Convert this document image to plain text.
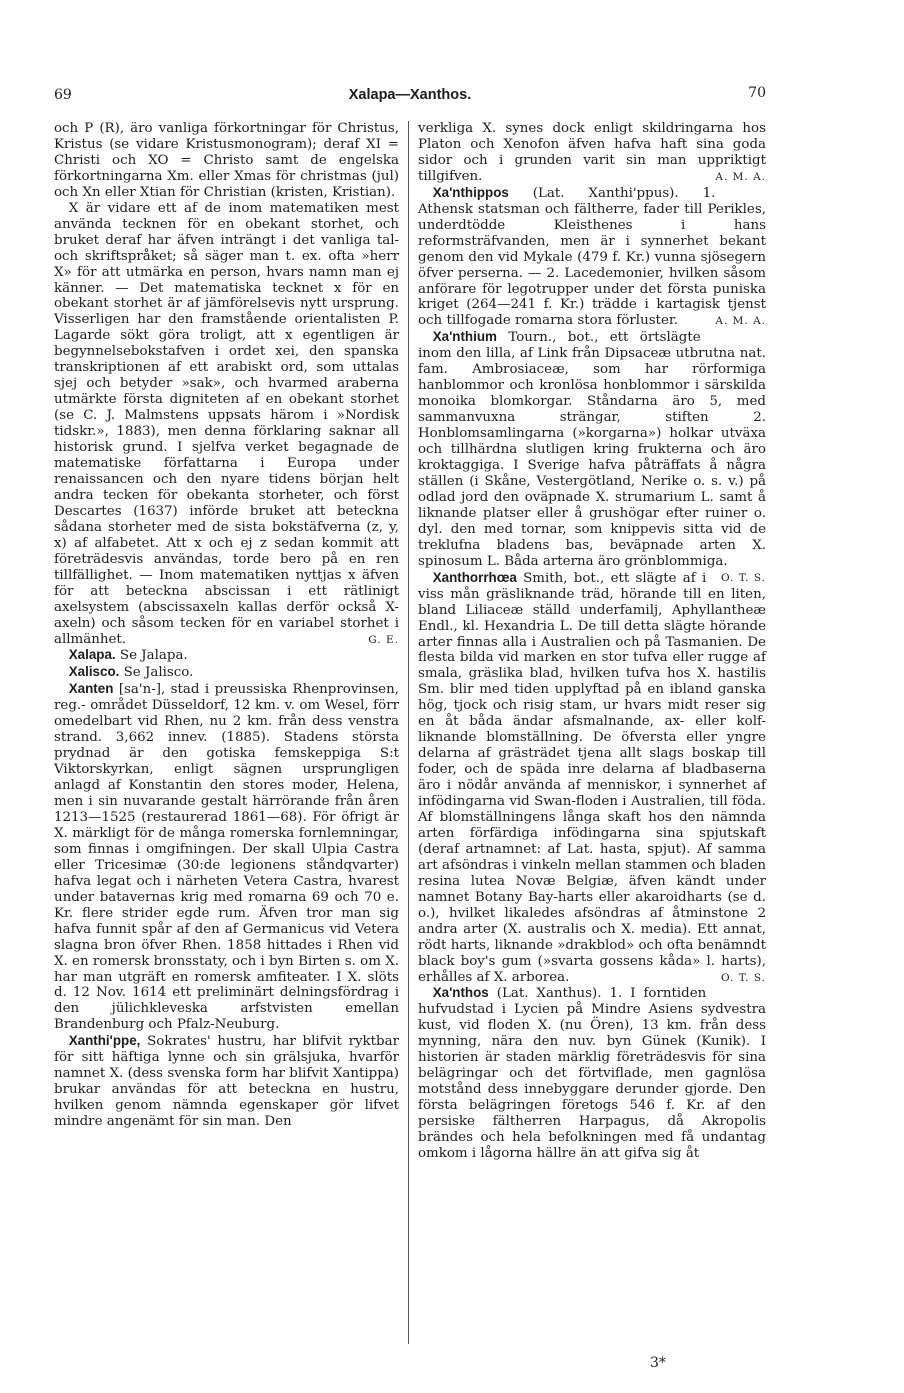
69	Xalapa—Xanthos.	70

och P (R), äro vanliga förkortningar för Christus, Kristus (se vidare Kristusmonogram); deraf XI = Christi och XO = Christo samt de engelska förkortningarna Xm. eller Xmas för christmas (jul) och Xn eller Xtian för Christian (kristen, Kristian).

X är vidare ett af de inom matematiken mest använda tecknen för en obekant storhet, och bruket deraf har äfven inträngt i det vanliga tal- och skriftspråket; så säger man t. ex. ofta »herr X» för att utmärka en person, hvars namn man ej känner. — Det matematiska tecknet x för en obekant storhet är af jämförelsevis nytt ursprung. Visserligen har den framstående orientalisten P. Lagarde sökt göra troligt, att x egentligen är begynnelsebokstafven i ordet xei, den spanska transkriptionen af ett arabiskt ord, som uttalas sjej och betyder »sak», och hvarmed araberna utmärkte första digniteten af en obekant storhet (se C. J. Malmstens uppsats härom i »Nordisk tidskr.», 1883), men denna förklaring saknar all historisk grund. I sjelfva verket begagnade de matematiske författarna i Europa under renaissancen och den nyare tidens början helt andra tecken för obekanta storheter, och först Descartes (1637) införde bruket att beteckna sådana storheter med de sista bokstäfverna (z, y, x) af alfabetet. Att x och ej z sedan kommit att företrädesvis användas, torde bero på en ren tillfällighet. — Inom matematiken nyttjas x äfven för att beteckna abscissan i ett rätlinigt axelsystem (abscissaxeln kallas derför också X-axeln) och såsom tecken för en variabel storhet i allmänhet.	G. E.

Xalapa. Se Jalapa.

Xalisco. Se Jalisco.

Xanten [sa'n-], stad i preussiska Rhenprovinsen, reg.- området Düsseldorf, 12 km. v. om Wesel, förr omedelbart vid Rhen, nu 2 km. från dess venstra strand. 3,662 innev. (1885). Stadens största prydnad är den gotiska femskeppiga S:t Viktorskyrkan, enligt sägnen ursprungligen anlagd af Konstantin den stores moder, Helena, men i sin nuvarande gestalt härrörande från åren 1213—1525 (restaurerad 1861—68). För öfrigt är X. märkligt för de många romerska fornlemningar, som finnas i omgifningen. Der skall Ulpia Castra eller Tricesimæ (30:de legionens ståndqvarter) hafva legat och i närheten Vetera Castra, hvarest under batavernas krig med romarna 69 och 70 e. Kr. flere strider egde rum. Äfven tror man sig hafva funnit spår af den af Germanicus vid Vetera slagna bron öfver Rhen. 1858 hittades i Rhen vid X. en romersk bronsstaty, och i byn Birten s. om X. har man utgräft en romersk amfiteater. I X. slöts d. 12 Nov. 1614 ett preliminärt delningsfördrag i den jülichkleveska arfstvisten emellan Brandenburg och Pfalz-Neuburg.

Xanthi'ppe, Sokrates' hustru, har blifvit ryktbar för sitt häftiga lynne och sin grälsjuka, hvarför namnet X. (dess svenska form har blifvit Xantippa) brukar användas för att beteckna en hustru, hvilken genom nämnda egenskaper gör lifvet mindre angenämt för sin man. Den

verkliga X. synes dock enligt skildringarna hos Platon och Xenofon äfven hafva haft sina goda sidor och i grunden varit sin man uppriktigt tillgifven.	A. M. A.

Xa'nthippos (Lat. Xanthi'ppus). 1. Athensk statsman och fältherre, fader till Perikles, underdtödde Kleisthenes i hans reformsträfvanden, men är i synnerhet bekant genom den vid Mykale (479 f. Kr.) vunna sjösegern öfver perserna. — 2. Lacedemonier, hvilken såsom anförare för legotrupper under det första puniska kriget (264—241 f. Kr.) trädde i kartagisk tjenst och tillfogade romarna stora förluster.	A. M. A.

Xa'nthium Tourn., bot., ett örtslägte inom den lilla, af Link från Dipsaceæ utbrutna nat. fam. Ambrosiaceæ, som har rörformiga hanblommor och kronlösa honblommor i särskilda monoika blomkorgar. Ståndarna äro 5, med sammanvuxna strängar, stiften 2. Honblomsamlingarna (»korgarna») holkar utväxa och tillhärdna slutligen kring frukterna och äro kroktaggiga. I Sverige hafva påträffats å några ställen (i Skåne, Vestergötland, Nerike o. s. v.) på odlad jord den oväpnade X. strumarium L. samt å liknande platser eller å grushögar efter ruiner o. dyl. den med tornar, som knippevis sitta vid de treklufna bladens bas, beväpnade arten X. spinosum L. Båda arterna äro grönblommiga.
O. T. S.

Xanthorrhœa Smith, bot., ett slägte af i viss mån gräsliknande träd, hörande till en liten, bland Liliaceæ ställd underfamilj, Aphyllantheæ Endl., kl. Hexandria L. De till detta slägte hörande arter finnas alla i Australien och på Tasmanien. De flesta bilda vid marken en stor tufva eller rugge af smala, gräslika blad, hvilken tufva hos X. hastilis Sm. blir med tiden upplyftad på en ibland ganska hög, tjock och risig stam, ur hvars midt reser sig en åt båda ändar afsmalnande, ax- eller kolf-liknande blomställning. De öfversta eller yngre delarna af grästrädet tjena allt slags boskap till foder, och de späda inre delarna af bladbaserna äro i nödår använda af menniskor, i synnerhet af infödingarna vid Swan-floden i Australien, till föda. Af blomställningens långa skaft hos den nämnda arten förfärdiga infödingarna sina spjutskaft (deraf artnamnet: af Lat. hasta, spjut). Af samma art afsöndras i vinkeln mellan stammen och bladen resina lutea Novæ Belgiæ, äfven kändt under namnet Botany Bay-harts eller akaroidharts (se d. o.), hvilket likaledes afsöndras af åtminstone 2 andra arter (X. australis och X. media). Ett annat, rödt harts, liknande »drakblod» och ofta benämndt black boy's gum (»svarta gossens kåda» l. harts), erhålles af X. arborea.	O. T. S.

Xa'nthos (Lat. Xanthus). 1. I forntiden hufvudstad i Lycien på Mindre Asiens sydvestra kust, vid floden X. (nu Ören), 13 km. från dess mynning, nära den nuv. byn Günek (Kunik). I historien är staden märklig företrädesvis för sina belägringar och det förtviflade, men gagnlösa motstånd dess innebyggare derunder gjorde. Den första belägringen företogs 546 f. Kr. af den persiske fältherren Harpagus, då Akropolis brändes och hela befolkningen med få undantag omkom i lågorna hällre än att gifva sig åt

3*
